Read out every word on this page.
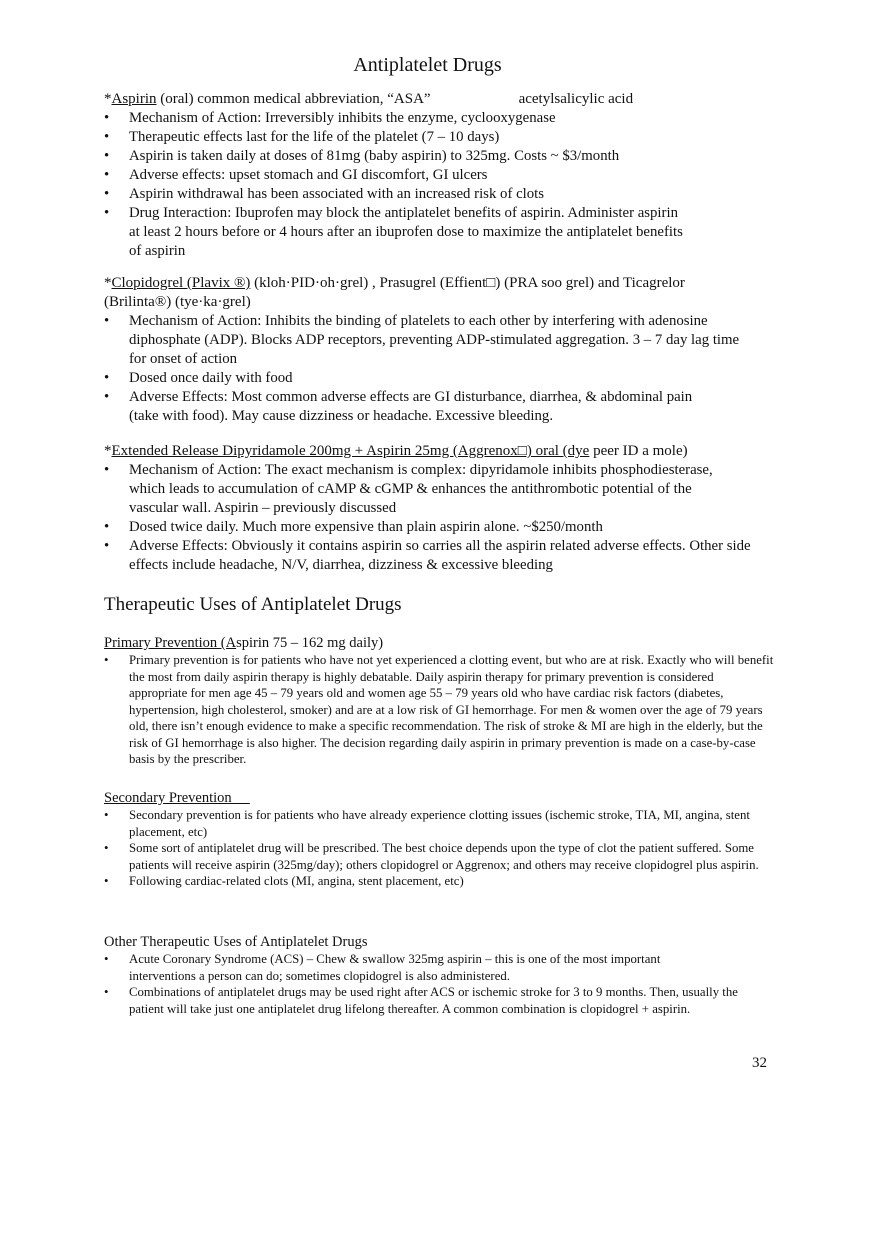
Antiplatelet Drugs
*Aspirin (oral) common medical abbreviation, “ASA”	acetylsalicylic acid
• Mechanism of Action: Irreversibly inhibits the enzyme, cyclooxygenase
• Therapeutic effects last for the life of the platelet (7 – 10 days)
• Aspirin is taken daily at doses of 81mg (baby aspirin) to 325mg. Costs ~ $3/month
• Adverse effects: upset stomach and GI discomfort, GI ulcers
• Aspirin withdrawal has been associated with an increased risk of clots
• Drug Interaction: Ibuprofen may block the antiplatelet benefits of aspirin. Administer aspirin at least 2 hours before or 4 hours after an ibuprofen dose to maximize the antiplatelet benefits of aspirin
*Clopidogrel (Plavix ®) (kloh·PID·oh·grel) , Prasugrel (Effient□) (PRA soo grel) and Ticagrelor (Brilinta®) (tye·ka·grel)
• Mechanism of Action: Inhibits the binding of platelets to each other by interfering with adenosine diphosphate (ADP). Blocks ADP receptors, preventing ADP-stimulated aggregation. 3 – 7 day lag time for onset of action
• Dosed once daily with food
• Adverse Effects: Most common adverse effects are GI disturbance, diarrhea, & abdominal pain (take with food). May cause dizziness or headache. Excessive bleeding.
*Extended Release Dipyridamole 200mg + Aspirin 25mg (Aggrenox□) oral (dye peer ID a mole)
• Mechanism of Action: The exact mechanism is complex: dipyridamole inhibits phosphodiesterase, which leads to accumulation of cAMP & cGMP & enhances the antithrombotic potential of the vascular wall. Aspirin – previously discussed
• Dosed twice daily. Much more expensive than plain aspirin alone. ~$250/month
• Adverse Effects: Obviously it contains aspirin so carries all the aspirin related adverse effects. Other side effects include headache, N/V, diarrhea, dizziness & excessive bleeding
Therapeutic Uses of Antiplatelet Drugs
Primary Prevention (Aspirin 75 – 162 mg daily)
• Primary prevention is for patients who have not yet experienced a clotting event, but who are at risk. Exactly who will benefit the most from daily aspirin therapy is highly debatable. Daily aspirin therapy for primary prevention is considered appropriate for men age 45 – 79 years old and women age 55 – 79 years old who have cardiac risk factors (diabetes, hypertension, high cholesterol, smoker) and are at a low risk of GI hemorrhage. For men & women over the age of 79 years old, there isn’t enough evidence to make a specific recommendation. The risk of stroke & MI are high in the elderly, but the risk of GI hemorrhage is also higher. The decision regarding daily aspirin in primary prevention is made on a case-by-case basis by the prescriber.
Secondary Prevention
• Secondary prevention is for patients who have already experience clotting issues (ischemic stroke, TIA, MI, angina, stent placement, etc)
• Some sort of antiplatelet drug will be prescribed. The best choice depends upon the type of clot the patient suffered. Some patients will receive aspirin (325mg/day); others clopidogrel or Aggrenox; and others may receive clopidogrel plus aspirin.
• Following cardiac-related clots (MI, angina, stent placement, etc)
Other Therapeutic Uses of Antiplatelet Drugs
• Acute Coronary Syndrome (ACS) – Chew & swallow 325mg aspirin – this is one of the most important interventions a person can do; sometimes clopidogrel is also administered.
• Combinations of antiplatelet drugs may be used right after ACS or ischemic stroke for 3 to 9 months. Then, usually the patient will take just one antiplatelet drug lifelong thereafter. A common combination is clopidogrel + aspirin.
32
